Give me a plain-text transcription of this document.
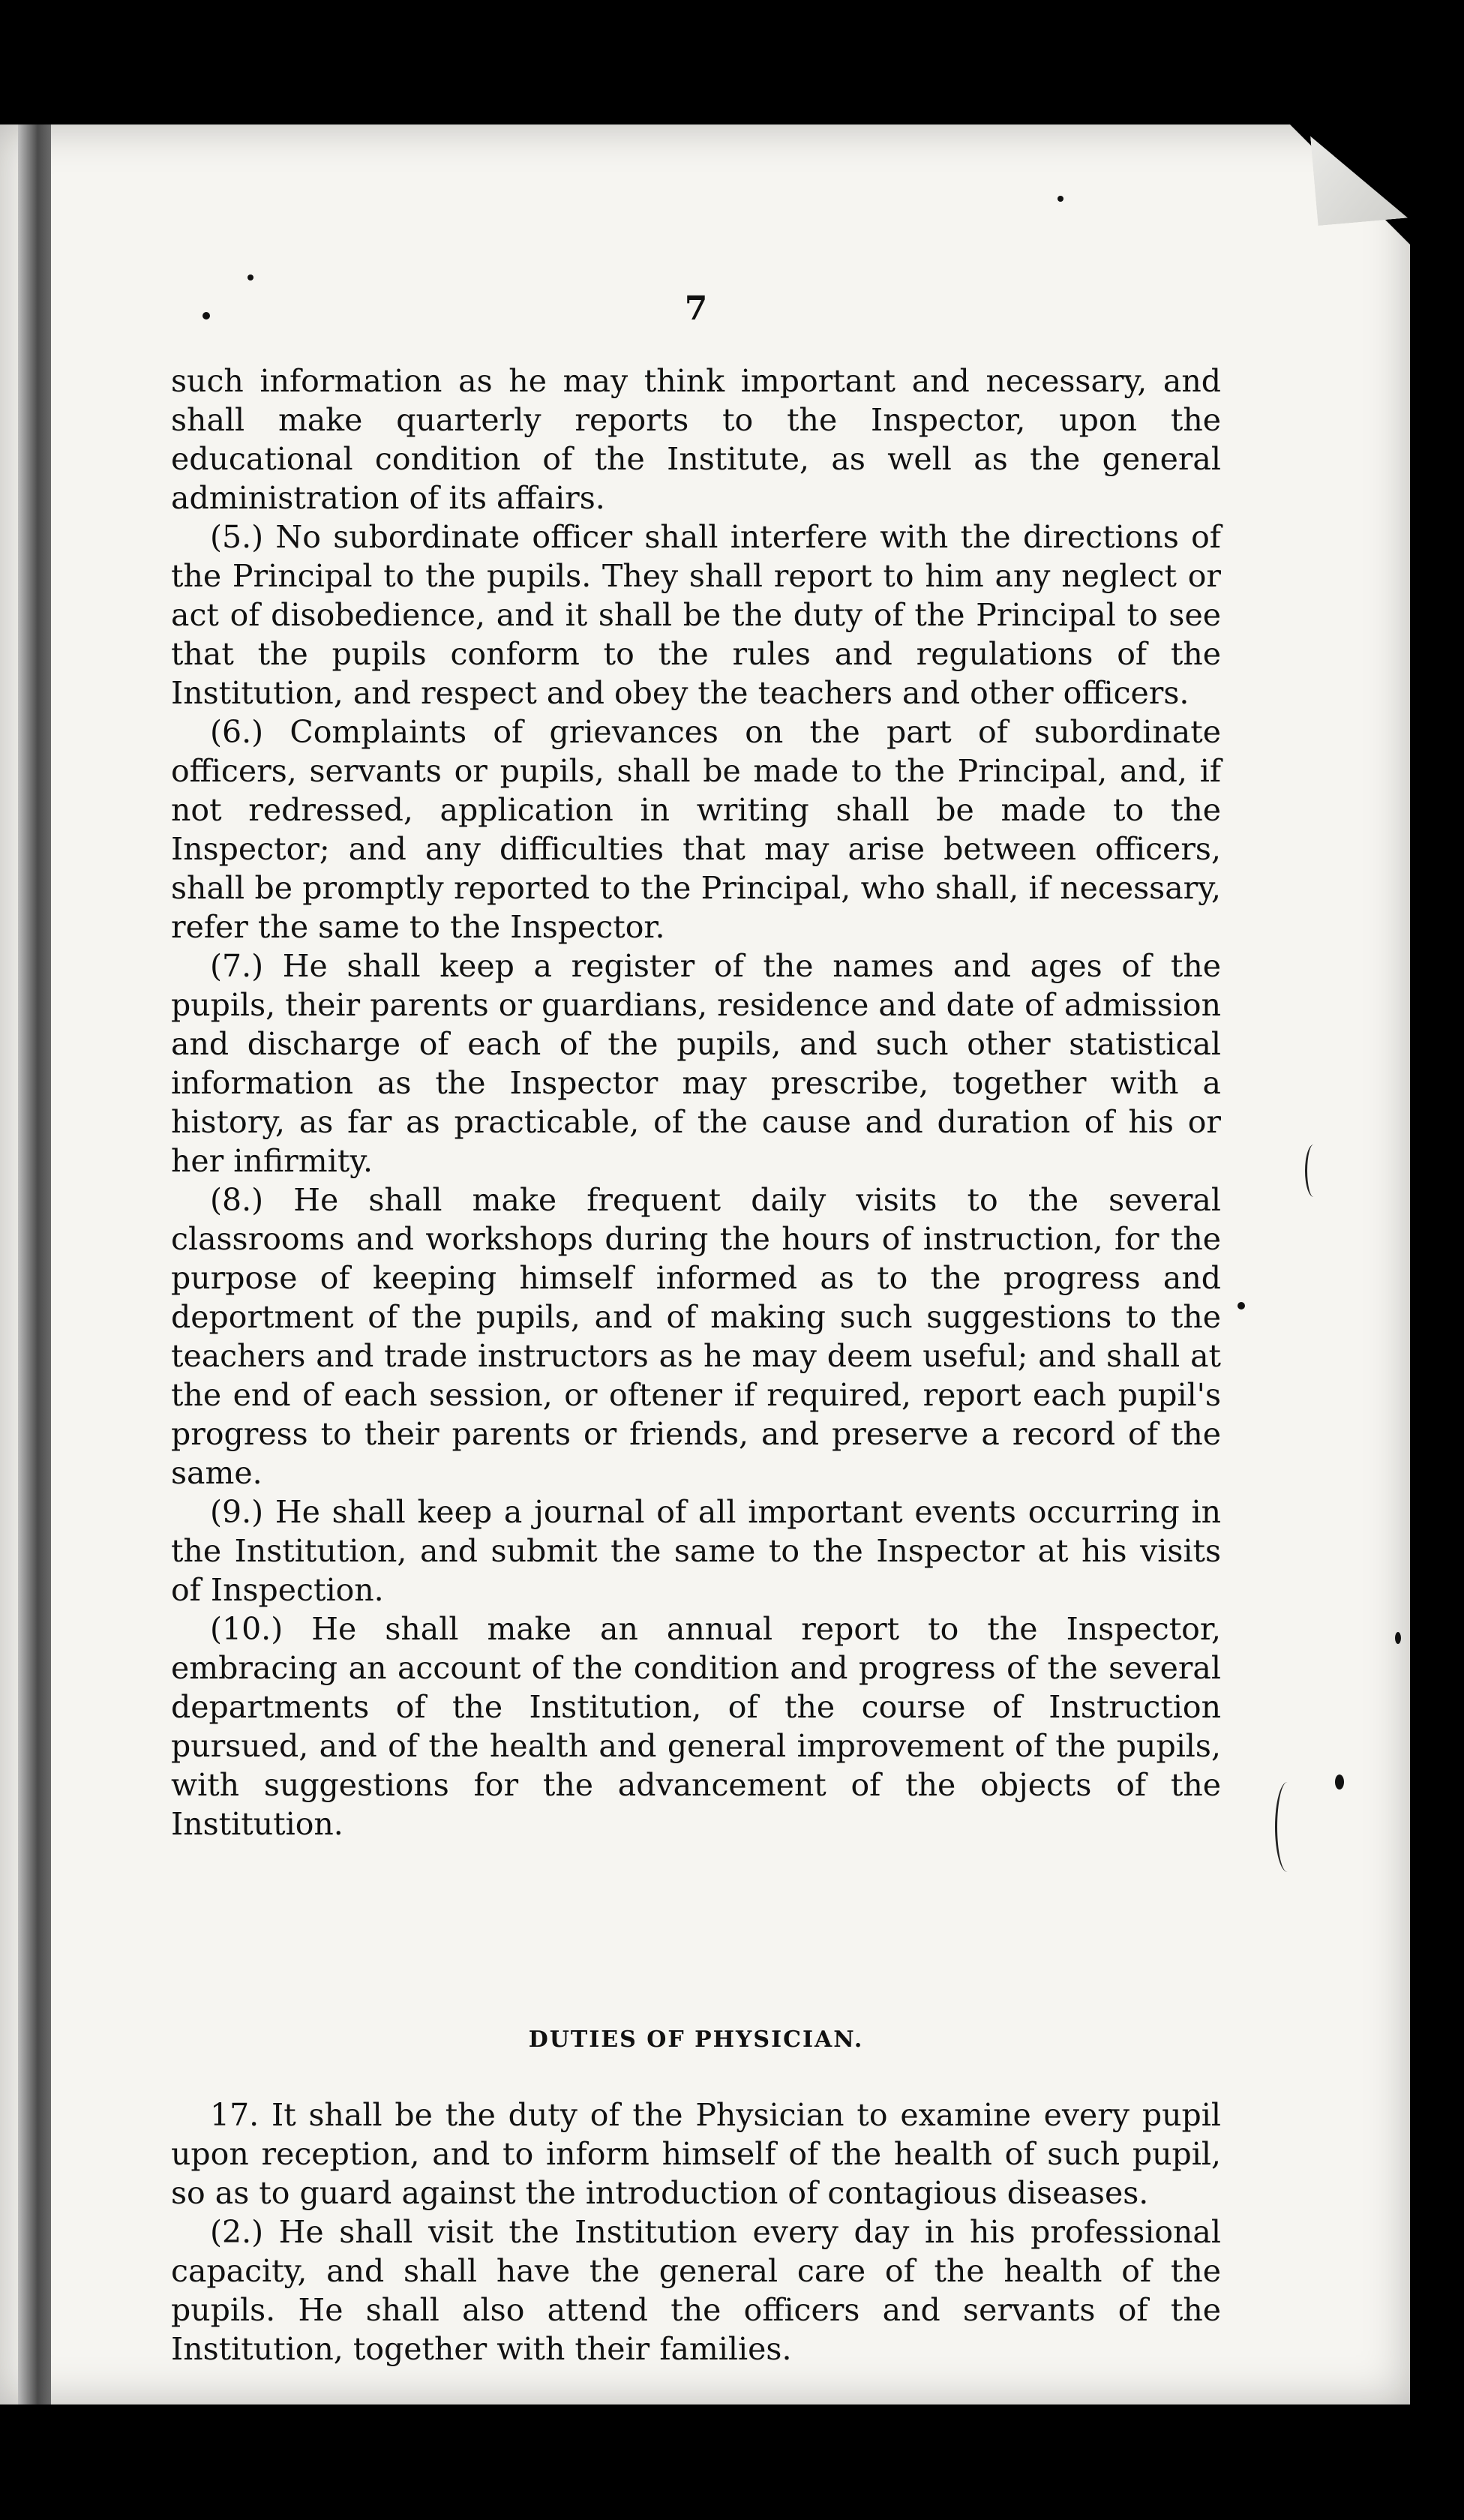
7

such information as he may think important and necessary, and shall make quarterly reports to the Inspector, upon the educational condition of the Institute, as well as the general administration of its affairs.

(5.) No subordinate officer shall interfere with the directions of the Principal to the pupils. They shall report to him any neglect or act of disobedience, and it shall be the duty of the Principal to see that the pupils conform to the rules and regulations of the Institution, and respect and obey the teachers and other officers.

(6.) Complaints of grievances on the part of subordinate officers, servants or pupils, shall be made to the Principal, and, if not redressed, application in writing shall be made to the Inspector; and any difficulties that may arise between officers, shall be promptly reported to the Principal, who shall, if necessary, refer the same to the Inspector.

(7.) He shall keep a register of the names and ages of the pupils, their parents or guardians, residence and date of admission and discharge of each of the pupils, and such other statistical information as the Inspector may prescribe, together with a history, as far as practicable, of the cause and duration of his or her infirmity.

(8.) He shall make frequent daily visits to the several classrooms and workshops during the hours of instruction, for the purpose of keeping himself informed as to the progress and deportment of the pupils, and of making such suggestions to the teachers and trade instructors as he may deem useful; and shall at the end of each session, or oftener if required, report each pupil's progress to their parents or friends, and preserve a record of the same.

(9.) He shall keep a journal of all important events occurring in the Institution, and submit the same to the Inspector at his visits of Inspection.

(10.) He shall make an annual report to the Inspector, embracing an account of the condition and progress of the several departments of the Institution, of the course of Instruction pursued, and of the health and general improvement of the pupils, with suggestions for the advancement of the objects of the Institution.

DUTIES OF PHYSICIAN.

17. It shall be the duty of the Physician to examine every pupil upon reception, and to inform himself of the health of such pupil, so as to guard against the introduction of contagious diseases.

(2.) He shall visit the Institution every day in his professional capacity, and shall have the general care of the health of the pupils. He shall also attend the officers and servants of the Institution, together with their families.
